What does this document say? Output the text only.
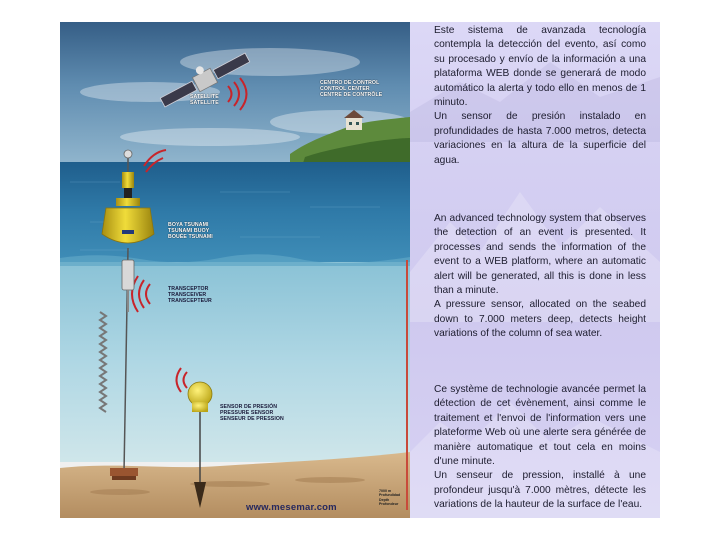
SATELLITE
SATELLITE
CENTRO DE CONTROL
CONTROL CENTER
CENTRE DE CONTRÔLE
BOYA TSUNAMI
TSUNAMI BUOY
BOUÉE TSUNAMI
TRANSCEPTOR
TRANSCEIVER
TRANSCEPTEUR
SENSOR DE PRESIÓN
PRESSURE SENSOR
SENSEUR DE PRESSION
7000 m
Profundidad
Depth
Profondeur
www.mesemar.com

Este sistema de avanzada tecnología contempla la detección del evento, así como su procesado y envío de la información a una plataforma WEB donde se generará de modo automático la alerta y todo ello en menos de 1 minuto.

Un sensor de presión instalado en profundidades de hasta 7.000 metros, detecta variaciones en la altura de la superficie del agua.

An advanced technology system that observes the detection of an event is presented. It processes and sends the information of the event to a WEB platform, where an automatic alert will be generated, all this is done in less than a minute.

A pressure sensor, allocated on the seabed down to 7.000 meters deep, detects height variations of the column of sea water.

Ce système de technologie avancée permet la détection de cet évènement, ainsi comme le traitement et l'envoi de l'information vers une plateforme Web où une alerte sera générée de manière automatique et tout cela en moins d'une minute.

Un senseur de pression, installé à une profondeur jusqu'à 7.000 mètres, détecte les variations de la hauteur de la surface de l'eau.
